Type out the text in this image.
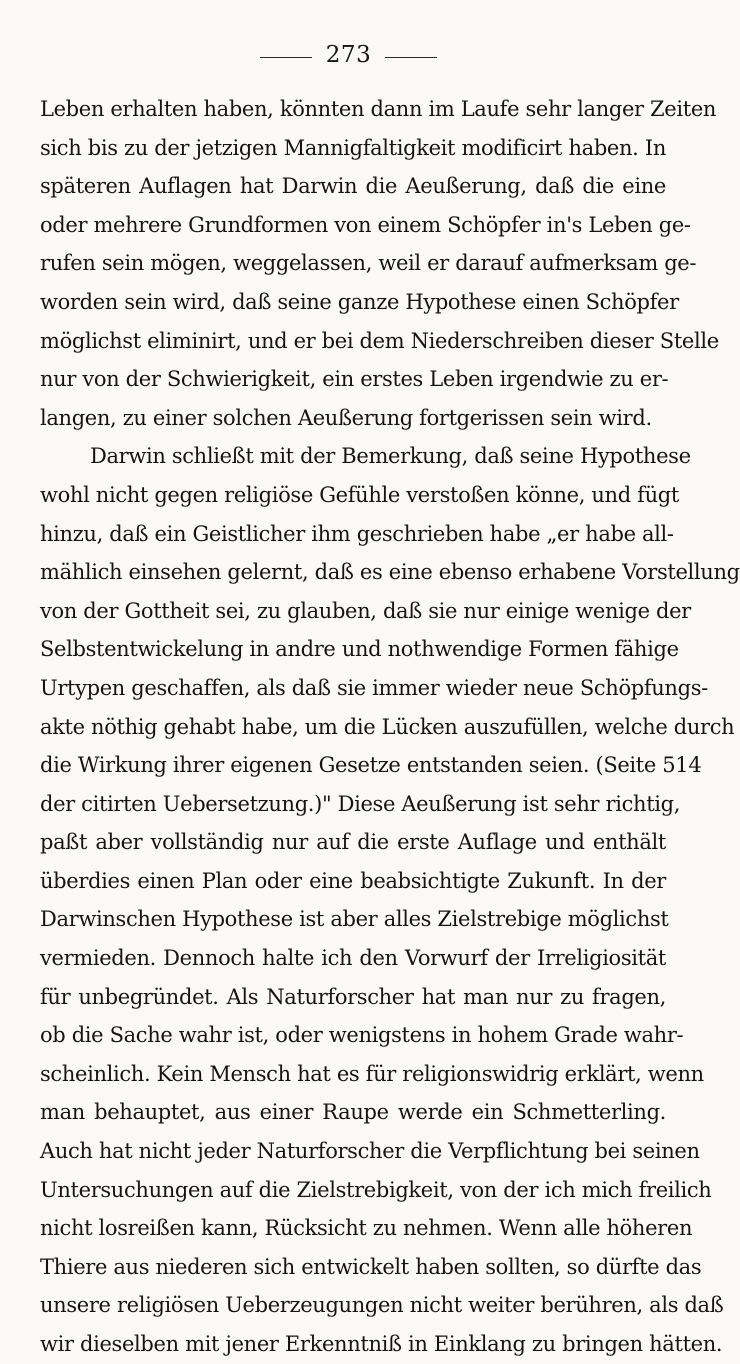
273
Leben erhalten haben, könnten dann im Laufe sehr langer Zeiten
sich bis zu der jetzigen Mannigfaltigkeit modificirt haben. In
späteren Auflagen hat Darwin die Aeußerung, daß die eine
oder mehrere Grundformen von einem Schöpfer in's Leben ge-
rufen sein mögen, weggelassen, weil er darauf aufmerksam ge-
worden sein wird, daß seine ganze Hypothese einen Schöpfer
möglichst eliminirt, und er bei dem Niederschreiben dieser Stelle
nur von der Schwierigkeit, ein erstes Leben irgendwie zu er-
langen, zu einer solchen Aeußerung fortgerissen sein wird.
Darwin schließt mit der Bemerkung, daß seine Hypothese
wohl nicht gegen religiöse Gefühle verstoßen könne, und fügt
hinzu, daß ein Geistlicher ihm geschrieben habe „er habe all-
mählich einsehen gelernt, daß es eine ebenso erhabene Vorstellung
von der Gottheit sei, zu glauben, daß sie nur einige wenige der
Selbstentwickelung in andre und nothwendige Formen fähige
Urtypen geschaffen, als daß sie immer wieder neue Schöpfungs-
akte nöthig gehabt habe, um die Lücken auszufüllen, welche durch
die Wirkung ihrer eigenen Gesetze entstanden seien. (Seite 514
der citirten Uebersetzung.)" Diese Aeußerung ist sehr richtig,
paßt aber vollständig nur auf die erste Auflage und enthält
überdies einen Plan oder eine beabsichtigte Zukunft. In der
Darwinschen Hypothese ist aber alles Zielstrebige möglichst
vermieden. Dennoch halte ich den Vorwurf der Irreligiosität
für unbegründet. Als Naturforscher hat man nur zu fragen,
ob die Sache wahr ist, oder wenigstens in hohem Grade wahr-
scheinlich. Kein Mensch hat es für religionswidrig erklärt, wenn
man behauptet, aus einer Raupe werde ein Schmetterling.
Auch hat nicht jeder Naturforscher die Verpflichtung bei seinen
Untersuchungen auf die Zielstrebigkeit, von der ich mich freilich
nicht losreißen kann, Rücksicht zu nehmen. Wenn alle höheren
Thiere aus niederen sich entwickelt haben sollten, so dürfte das
unsere religiösen Ueberzeugungen nicht weiter berühren, als daß
wir dieselben mit jener Erkenntniß in Einklang zu bringen hätten.
